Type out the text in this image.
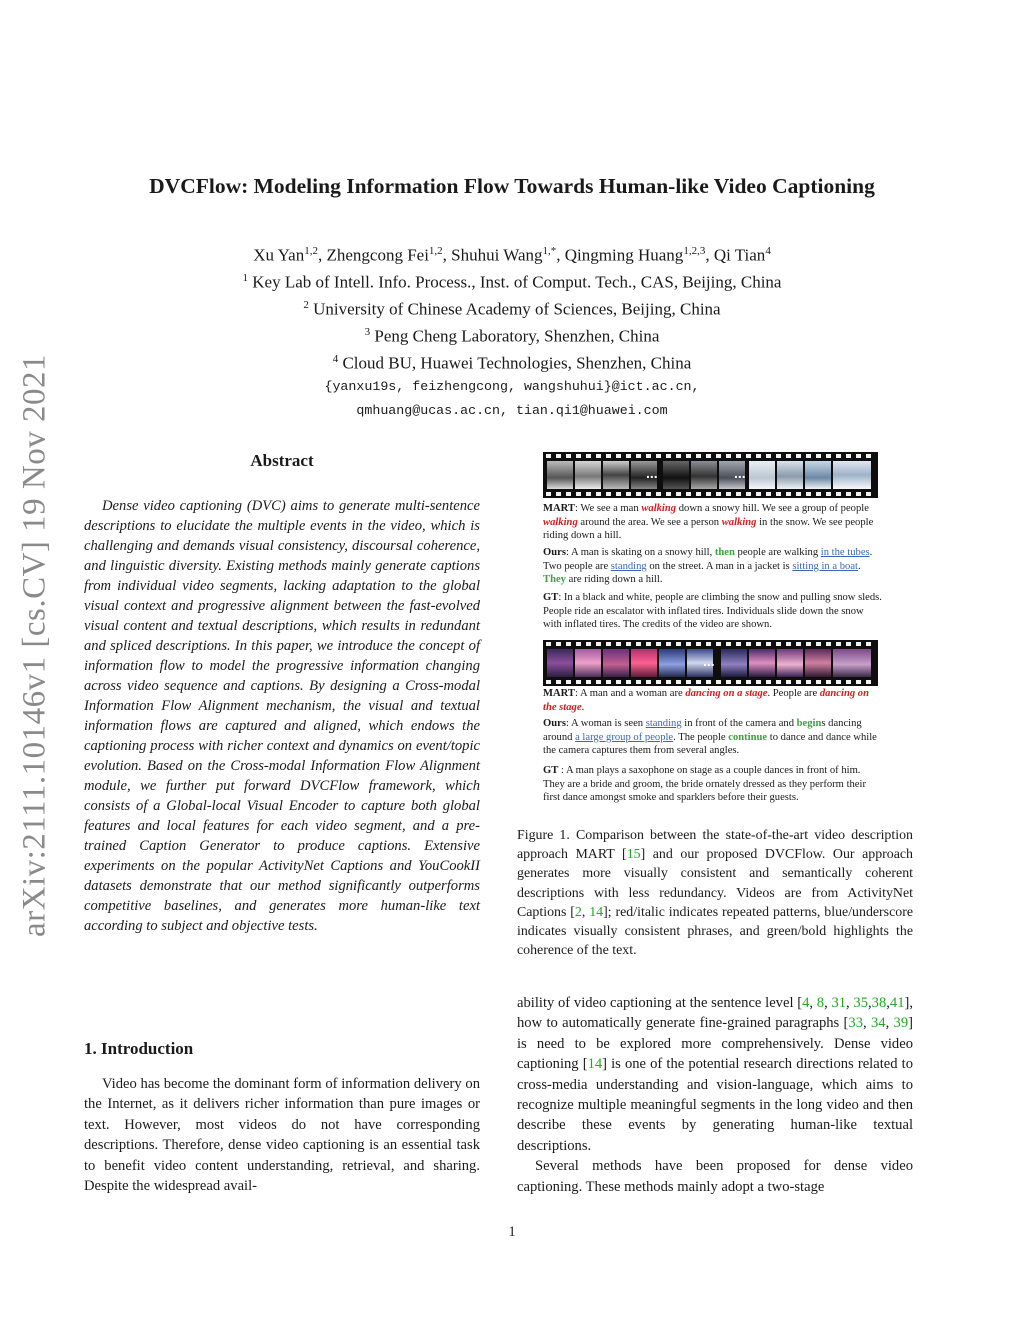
arXiv:2111.10146v1 [cs.CV] 19 Nov 2021
DVCFlow: Modeling Information Flow Towards Human-like Video Captioning
Xu Yan$^{1,2}$, Zhengcong Fei$^{1,2}$, Shuhui Wang$^{1,*}$, Qingming Huang$^{1,2,3}$, Qi Tian$^4$
$^1$ Key Lab of Intell. Info. Process., Inst. of Comput. Tech., CAS, Beijing, China
$^2$ University of Chinese Academy of Sciences, Beijing, China
$^3$ Peng Cheng Laboratory, Shenzhen, China
$^4$ Cloud BU, Huawei Technologies, Shenzhen, China
{yanxu19s, feizhengcong, wangshuhui}@ict.ac.cn,
qmhuang@ucas.ac.cn, tian.qi1@huawei.com
Abstract
Dense video captioning (DVC) aims to generate multi-sentence descriptions to elucidate the multiple events in the video, which is challenging and demands visual consistency, discoursal coherence, and linguistic diversity. Existing methods mainly generate captions from individual video segments, lacking adaptation to the global visual context and progressive alignment between the fast-evolved visual content and textual descriptions, which results in redundant and spliced descriptions. In this paper, we introduce the concept of information flow to model the progressive information changing across video sequence and captions. By designing a Cross-modal Information Flow Alignment mechanism, the visual and textual information flows are captured and aligned, which endows the captioning process with richer context and dynamics on event/topic evolution. Based on the Cross-modal Information Flow Alignment module, we further put forward DVCFlow framework, which consists of a Global-local Visual Encoder to capture both global features and local features for each video segment, and a pre-trained Caption Generator to produce captions. Extensive experiments on the popular ActivityNet Captions and YouCookII datasets demonstrate that our method significantly outperforms competitive baselines, and generates more human-like text according to subject and objective tests.
1. Introduction
Video has become the dominant form of information delivery on the Internet, as it delivers richer information than pure images or text. However, most videos do not have corresponding descriptions. Therefore, dense video captioning is an essential task to benefit video content understanding, retrieval, and sharing. Despite the widespread avail-
...	...
MART: We see a man walking down a snowy hill. We see a group of people walking around the area. We see a person walking in the snow. We see people riding down a hill.
Ours: A man is skating on a snowy hill, then people are walking in the tubes. Two people are standing on the street. A man in a jacket is sitting in a boat. They are riding down a hill.
GT: In a black and white, people are climbing the snow and pulling snow sleds. People ride an escalator with inflated tires. Individuals slide down the snow with inflated tires. The credits of the video are shown.
...
MART: A man and a woman are dancing on a stage. People are dancing on the stage.
Ours: A woman is seen standing in front of the camera and begins dancing around a large group of people. The people continue to dance and dance while the camera captures them from several angles.
GT : A man plays a saxophone on stage as a couple dances in front of him. They are a bride and groom, the bride ornately dressed as they perform their first dance amongst smoke and sparklers before their guests.
Figure 1. Comparison between the state-of-the-art video description approach MART [15] and our proposed DVCFlow. Our approach generates more visually consistent and semantically coherent descriptions with less redundancy. Videos are from ActivityNet Captions [2, 14]; red/italic indicates repeated patterns, blue/underscore indicates visually consistent phrases, and green/bold highlights the coherence of the text.

ability of video captioning at the sentence level [4, 8, 31, 35,38,41], how to automatically generate fine-grained paragraphs [33, 34, 39] is need to be explored more comprehensively. Dense video captioning [14] is one of the potential research directions related to cross-media understanding and vision-language, which aims to recognize multiple meaningful segments in the long video and then describe these events by generating human-like textual descriptions.

Several methods have been proposed for dense video captioning. These methods mainly adopt a two-stage

1
